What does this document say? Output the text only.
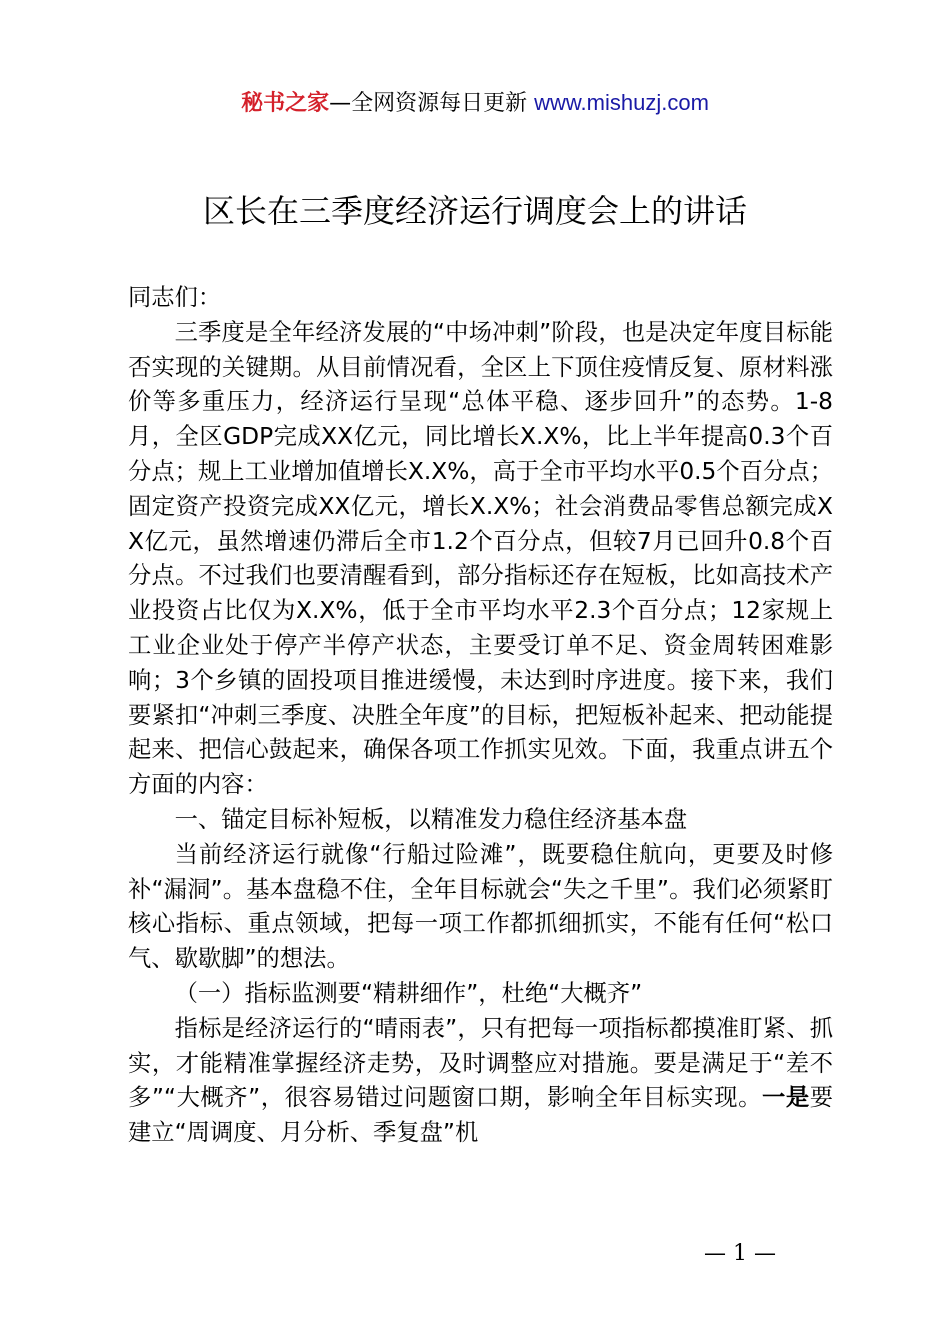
秘书之家—全网资源每日更新 www.mishuzj.com
区长在三季度经济运行调度会上的讲话

同志们：

三季度是全年经济发展的“中场冲刺”阶段，也是决定年度目标能否实现的关键期。从目前情况看，全区上下顶住疫情反复、原材料涨价等多重压力，经济运行呈现“总体平稳、逐步回升”的态势。1-8月，全区GDP完成XX亿元，同比增长X.X%，比上半年提高0.3个百分点；规上工业增加值增长X.X%，高于全市平均水平0.5个百分点；固定资产投资完成XX亿元，增长X.X%；社会消费品零售总额完成XX亿元，虽然增速仍滞后全市1.2个百分点，但较7月已回升0.8个百分点。不过我们也要清醒看到，部分指标还存在短板，比如高技术产业投资占比仅为X.X%，低于全市平均水平2.3个百分点；12家规上工业企业处于停产半停产状态，主要受订单不足、资金周转困难影响；3个乡镇的固投项目推进缓慢，未达到时序进度。接下来，我们要紧扣“冲刺三季度、决胜全年度”的目标，把短板补起来、把动能提起来、把信心鼓起来，确保各项工作抓实见效。下面，我重点讲五个方面的内容：

一、锚定目标补短板，以精准发力稳住经济基本盘

当前经济运行就像“行船过险滩”，既要稳住航向，更要及时修补“漏洞”。基本盘稳不住，全年目标就会“失之千里”。我们必须紧盯核心指标、重点领域，把每一项工作都抓细抓实，不能有任何“松口气、歇歇脚”的想法。

（一）指标监测要“精耕细作”，杜绝“大概齐”

指标是经济运行的“晴雨表”，只有把每一项指标都摸准盯紧、抓实，才能精准掌握经济走势，及时调整应对措施。要是满足于“差不多”“大概齐”，很容易错过问题窗口期，影响全年目标实现。一是要建立“周调度、月分析、季复盘”机

— 1 —
